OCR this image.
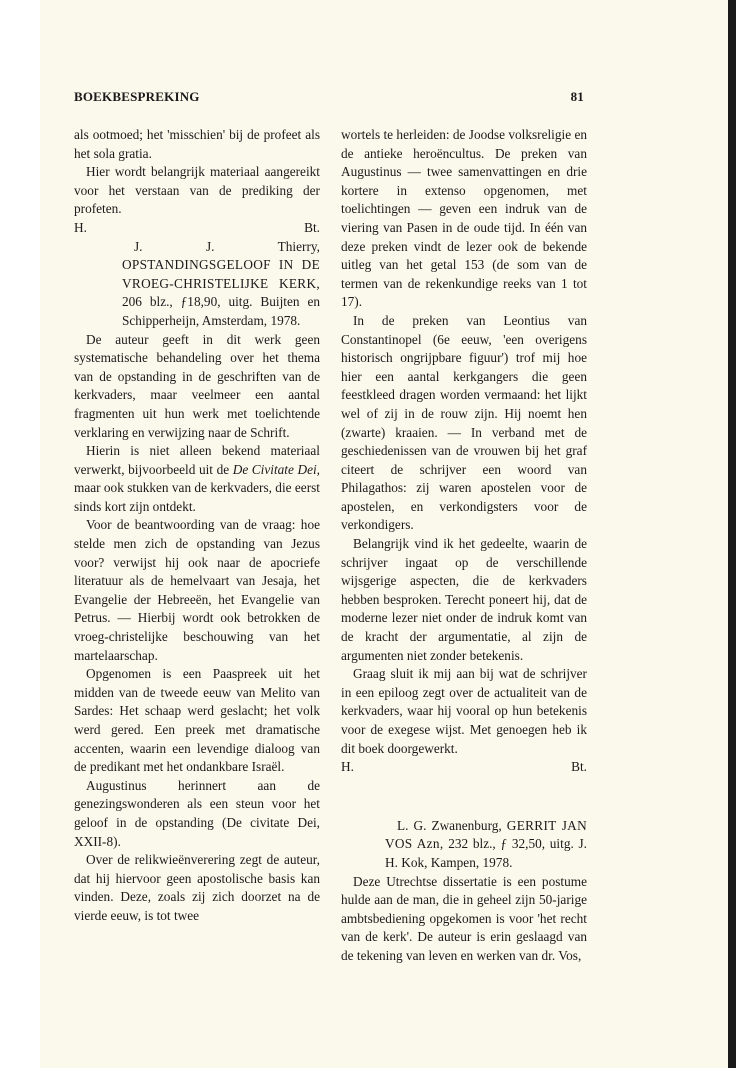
BOEKBESPREKING	81

als ootmoed; het 'misschien' bij de profeet als het sola gratia.

Hier wordt belangrijk materiaal aangereikt voor het verstaan van de prediking der profeten.

H.	Bt.

J. J. Thierry, OPSTANDINGSGELOOF IN DE VROEG-CHRISTELIJKE KERK, 206 blz., ƒ18,90, uitg. Buijten en Schipperheijn, Amsterdam, 1978.

De auteur geeft in dit werk geen systematische behandeling over het thema van de opstanding in de geschriften van de kerkvaders, maar veelmeer een aantal fragmenten uit hun werk met toelichtende verklaring en verwijzing naar de Schrift.

Hierin is niet alleen bekend materiaal verwerkt, bijvoorbeeld uit de De Civitate Dei, maar ook stukken van de kerkvaders, die eerst sinds kort zijn ontdekt.

Voor de beantwoording van de vraag: hoe stelde men zich de opstanding van Jezus voor? verwijst hij ook naar de apocriefe literatuur als de hemelvaart van Jesaja, het Evangelie der Hebreeën, het Evangelie van Petrus. — Hierbij wordt ook betrokken de vroeg-christelijke beschouwing van het martelaarschap.

Opgenomen is een Paaspreek uit het midden van de tweede eeuw van Melito van Sardes: Het schaap werd geslacht; het volk werd gered. Een preek met dramatische accenten, waarin een levendige dialoog van de predikant met het ondankbare Israël.

Augustinus herinnert aan de genezingswonderen als een steun voor het geloof in de opstanding (De civitate Dei, XXII-8).

Over de relikwieënverering zegt de auteur, dat hij hiervoor geen apostolische basis kan vinden. Deze, zoals zij zich doorzet na de vierde eeuw, is tot twee

wortels te herleiden: de Joodse volksreligie en de antieke heroëncultus. De preken van Augustinus — twee samenvattingen en drie kortere in extenso opgenomen, met toelichtingen — geven een indruk van de viering van Pasen in de oude tijd. In één van deze preken vindt de lezer ook de bekende uitleg van het getal 153 (de som van de termen van de rekenkundige reeks van 1 tot 17).

In de preken van Leontius van Constantinopel (6e eeuw, 'een overigens historisch ongrijpbare figuur') trof mij hoe hier een aantal kerkgangers die geen feestkleed dragen worden vermaand: het lijkt wel of zij in de rouw zijn. Hij noemt hen (zwarte) kraaien. — In verband met de geschiedenissen van de vrouwen bij het graf citeert de schrijver een woord van Philagathos: zij waren apostelen voor de apostelen, en verkondigsters voor de verkondigers.

Belangrijk vind ik het gedeelte, waarin de schrijver ingaat op de verschillende wijsgerige aspecten, die de kerkvaders hebben besproken. Terecht poneert hij, dat de moderne lezer niet onder de indruk komt van de kracht der argumentatie, al zijn de argumenten niet zonder betekenis.

Graag sluit ik mij aan bij wat de schrijver in een epiloog zegt over de actualiteit van de kerkvaders, waar hij vooral op hun betekenis voor de exegese wijst. Met genoegen heb ik dit boek doorgewerkt.

H.	Bt.

L. G. Zwanenburg, GERRIT JAN VOS Azn, 232 blz., ƒ 32,50, uitg. J. H. Kok, Kampen, 1978.

Deze Utrechtse dissertatie is een postume hulde aan de man, die in geheel zijn 50-jarige ambtsbediening opgekomen is voor 'het recht van de kerk'. De auteur is erin geslaagd van de tekening van leven en werken van dr. Vos,
